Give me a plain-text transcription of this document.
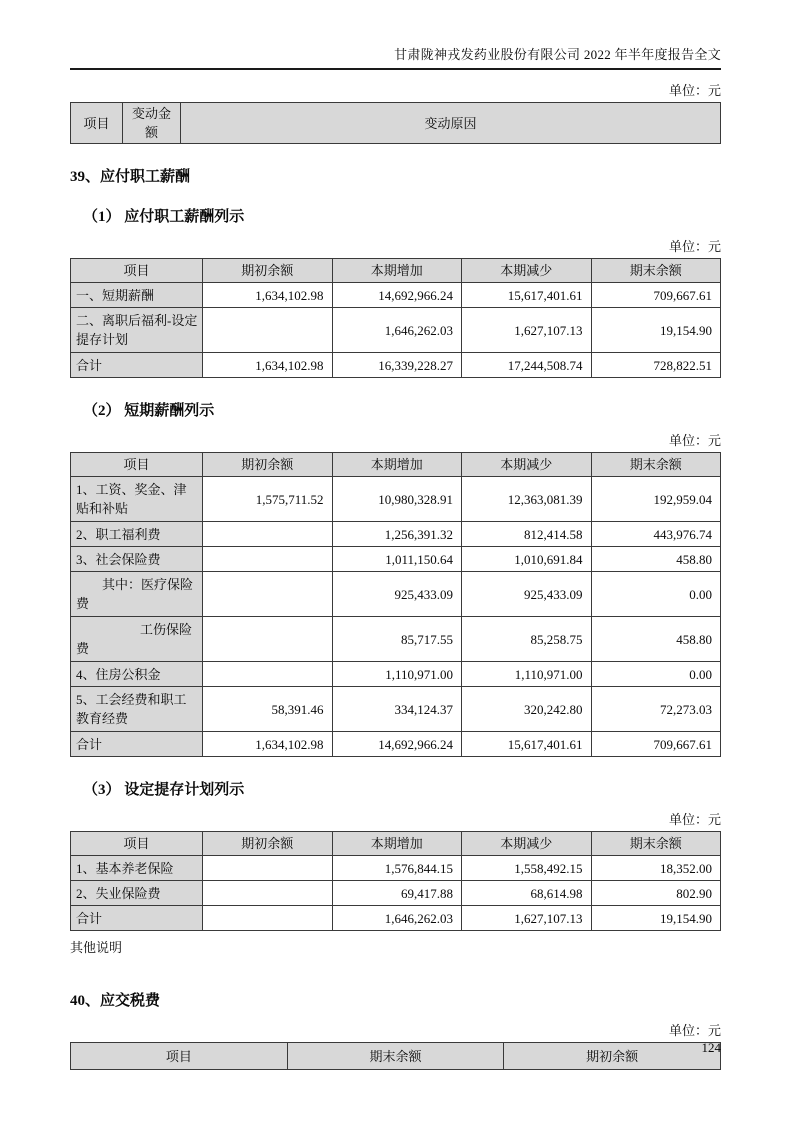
甘肃陇神戎发药业股份有限公司 2022 年半年度报告全文
单位：元
项目	变动金额	变动原因
39、应付职工薪酬
（1） 应付职工薪酬列示
单位：元
项目	期初余额	本期增加	本期减少	期末余额
一、短期薪酬	1,634,102.98	14,692,966.24	15,617,401.61	709,667.61
二、离职后福利-设定提存计划		1,646,262.03	1,627,107.13	19,154.90
合计	1,634,102.98	16,339,228.27	17,244,508.74	728,822.51
（2） 短期薪酬列示
单位：元
项目	期初余额	本期增加	本期减少	期末余额
1、工资、奖金、津贴和补贴	1,575,711.52	10,980,328.91	12,363,081.39	192,959.04
2、职工福利费		1,256,391.32	812,414.58	443,976.74
3、社会保险费		1,011,150.64	1,010,691.84	458.80
其中：医疗保险费		925,433.09	925,433.09	0.00
工伤保险费		85,717.55	85,258.75	458.80
4、住房公积金		1,110,971.00	1,110,971.00	0.00
5、工会经费和职工教育经费	58,391.46	334,124.37	320,242.80	72,273.03
合计	1,634,102.98	14,692,966.24	15,617,401.61	709,667.61
（3） 设定提存计划列示
单位：元
项目	期初余额	本期增加	本期减少	期末余额
1、基本养老保险		1,576,844.15	1,558,492.15	18,352.00
2、失业保险费		69,417.88	68,614.98	802.90
合计		1,646,262.03	1,627,107.13	19,154.90
其他说明
40、应交税费
单位：元
项目	期末余额	期初余额
124
